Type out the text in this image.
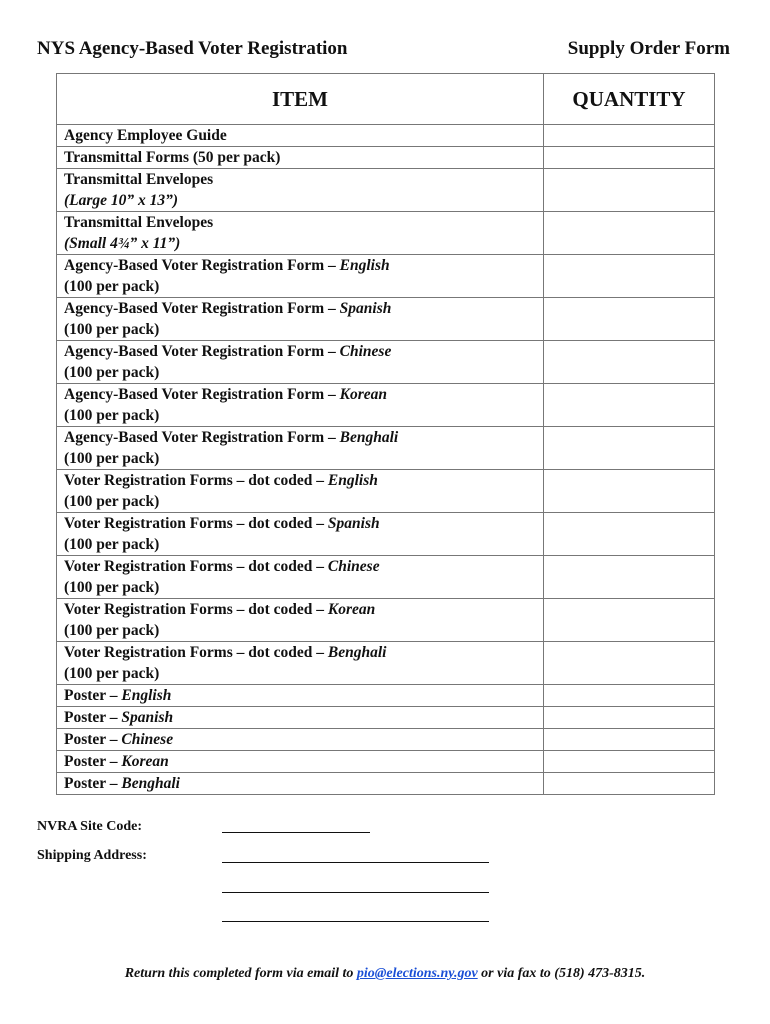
NYS Agency-Based Voter Registration	Supply Order Form
ITEM	QUANTITY

Agency Employee Guide	

Transmittal Forms (50 per pack)	

Transmittal Envelopes
(Large 10” x 13”)	

Transmittal Envelopes
(Small 4¾” x 11”)	

Agency-Based Voter Registration Form – English
(100 per pack)	

Agency-Based Voter Registration Form – Spanish
(100 per pack)	

Agency-Based Voter Registration Form – Chinese
(100 per pack)	

Agency-Based Voter Registration Form – Korean
(100 per pack)	

Agency-Based Voter Registration Form – Benghali
(100 per pack)	

Voter Registration Forms – dot coded – English
(100 per pack)	

Voter Registration Forms – dot coded – Spanish
(100 per pack)	

Voter Registration Forms – dot coded – Chinese
(100 per pack)	

Voter Registration Forms – dot coded – Korean
(100 per pack)	

Voter Registration Forms – dot coded – Benghali
(100 per pack)	

Poster – English	

Poster – Spanish	

Poster – Chinese	

Poster – Korean	

Poster – Benghali	

NVRA Site Code:
Shipping Address:
Return this completed form via email to pio@elections.ny.gov or via fax to (518) 473-8315.
